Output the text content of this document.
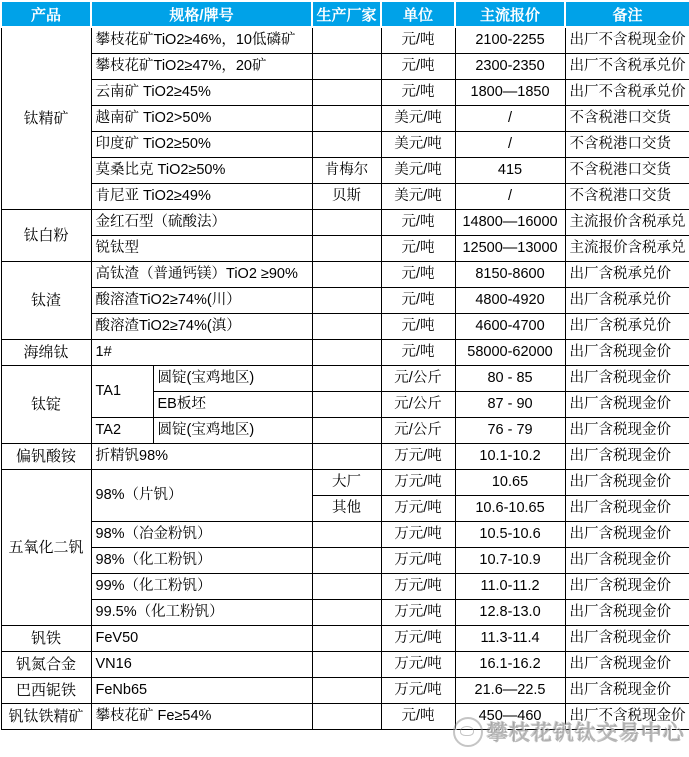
产品	规格/牌号		生产厂家	单位	主流报价	备注
钛精矿	攀枝花矿TiO2≥46%，10低磷矿			元/吨	2100-2255	出厂不含税现金价
	攀枝花矿TiO2≥47%，20矿			元/吨	2300-2350	出厂不含税承兑价
	云南矿 TiO2≥45%			元/吨	1800—1850	出厂不含税承兑价
	越南矿 TiO2>50%			美元/吨	/	不含税港口交货
	印度矿 TiO2≥50%			美元/吨	/	不含税港口交货
	莫桑比克 TiO2≥50%		肯梅尔	美元/吨	415	不含税港口交货
	肯尼亚 TiO2≥49%		贝斯	美元/吨	/	不含税港口交货
钛白粉	金红石型（硫酸法）			元/吨	14800—16000	主流报价含税承兑
	锐钛型			元/吨	12500—13000	主流报价含税承兑
钛渣	高钛渣（普通钙镁）TiO2 ≥90%			元/吨	8150-8600	出厂含税承兑价
	酸溶渣TiO2≥74%(川）			元/吨	4800-4920	出厂含税承兑价
	酸溶渣TiO2≥74%(滇）			元/吨	4600-4700	出厂含税承兑价
海绵钛	1#			元/吨	58000-62000	出厂含税现金价
钛锭	TA1	圆锭(宝鸡地区)		元/公斤	80 - 85	出厂含税现金价
		EB板坯		元/公斤	87 - 90	出厂含税现金价
	TA2	圆锭(宝鸡地区)		元/公斤	76 - 79	出厂含税现金价
偏钒酸铵	折精钒98%			万元/吨	10.1-10.2	出厂含税现金价
五氧化二钒	98%（片钒）		大厂	万元/吨	10.65	出厂含税现金价
			其他	万元/吨	10.6-10.65	出厂含税现金价
	98%（冶金粉钒）			万元/吨	10.5-10.6	出厂含税现金价
	98%（化工粉钒）			万元/吨	10.7-10.9	出厂含税现金价
	99%（化工粉钒）			万元/吨	11.0-11.2	出厂含税现金价
	99.5%（化工粉钒）			万元/吨	12.8-13.0	出厂含税现金价
钒铁	FeV50			万元/吨	11.3-11.4	出厂含税现金价
钒氮合金	VN16			万元/吨	16.1-16.2	出厂含税现金价
巴西铌铁	FeNb65			万元/吨	21.6—22.5	出厂含税现金价
钒钛铁精矿	攀枝花矿 Fe≥54%			元/吨	450—460	出厂不含税现金价
攀枝花钒钛交易中心
